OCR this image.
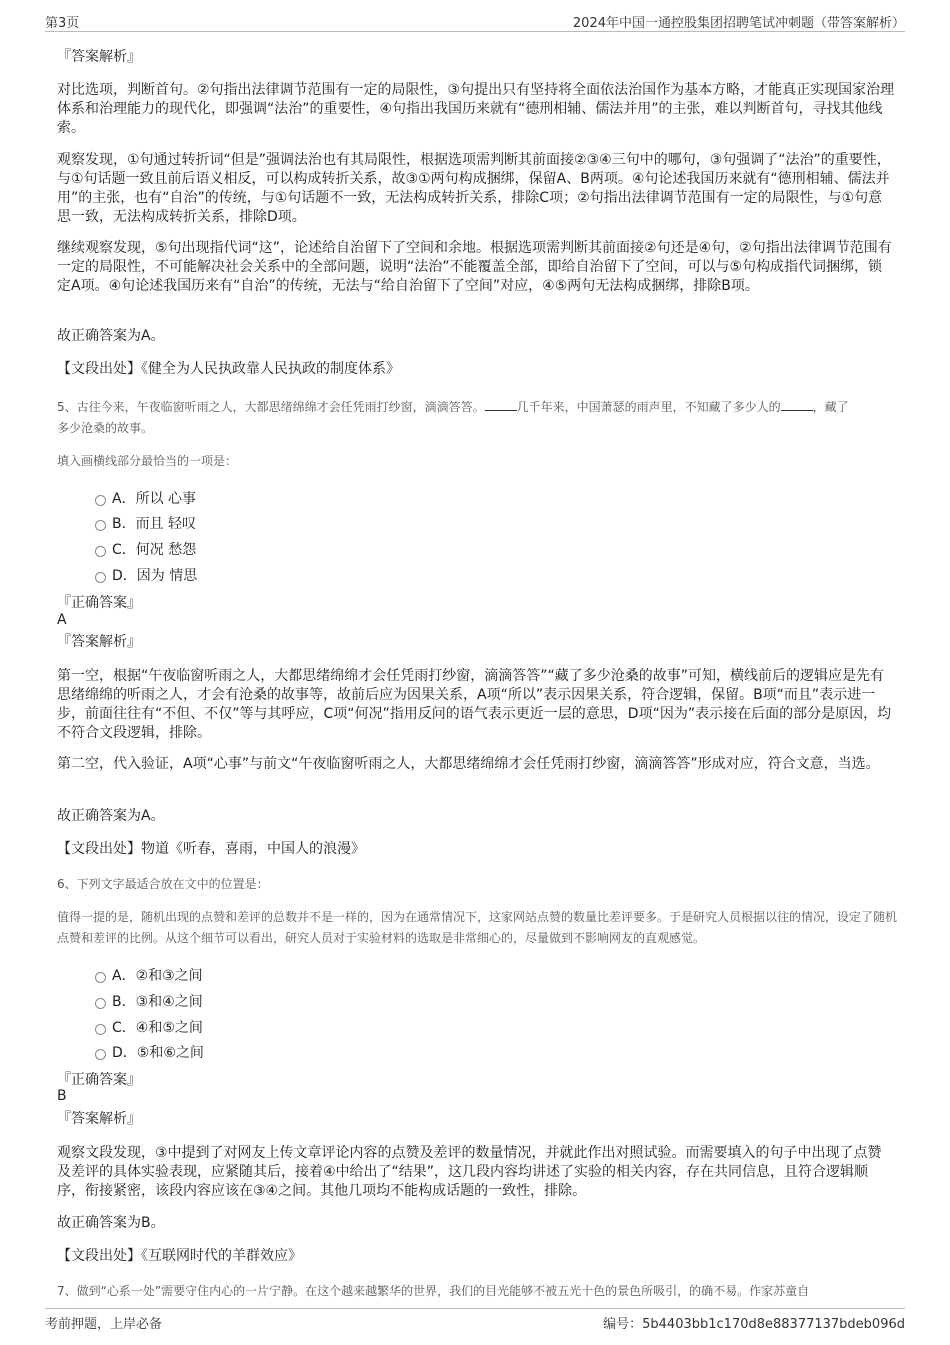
第3页	2024年中国一通控股集团招聘笔试冲刺题（带答案解析）

『答案解析』

对比选项，判断首句。②句指出法律调节范围有一定的局限性，③句提出只有坚持将全面依法治国作为基本方略，才能真正实现国家治理体系和治理能力的现代化，即强调“法治”的重要性，④句指出我国历来就有“德刑相辅、儒法并用”的主张，难以判断首句，寻找其他线索。

观察发现，①句通过转折词“但是”强调法治也有其局限性，根据选项需判断其前面接②③④三句中的哪句，③句强调了“法治”的重要性，与①句话题一致且前后语义相反，可以构成转折关系，故③①两句构成捆绑，保留A、B两项。④句论述我国历来就有“德刑相辅、儒法并用”的主张，也有“自治”的传统，与①句话题不一致，无法构成转折关系，排除C项；②句指出法律调节范围有一定的局限性，与①句意思一致，无法构成转折关系，排除D项。

继续观察发现，⑤句出现指代词“这”，论述给自治留下了空间和余地。根据选项需判断其前面接②句还是④句，②句指出法律调节范围有一定的局限性，不可能解决社会关系中的全部问题，说明“法治”不能覆盖全部，即给自治留下了空间，可以与⑤句构成指代词捆绑，锁定A项。④句论述我国历来有“自治”的传统，无法与“给自治留下了空间”对应，④⑤两句无法构成捆绑，排除B项。

故正确答案为A。

【文段出处】《健全为人民执政靠人民执政的制度体系》

5、古往今来，午夜临窗听雨之人，大都思绪绵绵才会任凭雨打纱窗，滴滴答答。	几千年来，中国萧瑟的雨声里，不知藏了多少人的	，藏了多少沧桑的故事。

填入画横线部分最恰当的一项是：

A．所以 心事
B．而且 轻叹
C．何况 愁怨
D．因为 情思

『正确答案』

A

『答案解析』

第一空，根据“午夜临窗听雨之人，大都思绪绵绵才会任凭雨打纱窗，滴滴答答”“藏了多少沧桑的故事”可知，横线前后的逻辑应是先有思绪绵绵的听雨之人，才会有沧桑的故事等，故前后应为因果关系，A项“所以”表示因果关系，符合逻辑，保留。B项“而且”表示进一步，前面往往有“不但、不仅”等与其呼应，C项“何况”指用反问的语气表示更近一层的意思，D项“因为”表示接在后面的部分是原因，均不符合文段逻辑，排除。

第二空，代入验证，A项“心事”与前文“午夜临窗听雨之人，大都思绪绵绵才会任凭雨打纱窗，滴滴答答”形成对应，符合文意，当选。

故正确答案为A。

【文段出处】物道《听春，喜雨，中国人的浪漫》

6、下列文字最适合放在文中的位置是：

值得一提的是，随机出现的点赞和差评的总数并不是一样的，因为在通常情况下，这家网站点赞的数量比差评要多。于是研究人员根据以往的情况，设定了随机点赞和差评的比例。从这个细节可以看出，研究人员对于实验材料的选取是非常细心的，尽量做到不影响网友的直观感觉。

A．②和③之间
B．③和④之间
C．④和⑤之间
D．⑤和⑥之间

『正确答案』

B

『答案解析』

观察文段发现，③中提到了对网友上传文章评论内容的点赞及差评的数量情况，并就此作出对照试验。而需要填入的句子中出现了点赞及差评的具体实验表现，应紧随其后，接着④中给出了“结果”，这几段内容均讲述了实验的相关内容，存在共同信息，且符合逻辑顺序，衔接紧密，该段内容应该在③④之间。其他几项均不能构成话题的一致性，排除。

故正确答案为B。

【文段出处】《互联网时代的羊群效应》

7、做到“心系一处”需要守住内心的一片宁静。在这个越来越繁华的世界，我们的目光能够不被五光十色的景色所吸引，的确不易。作家苏童自

考前押题，上岸必备	编号：5b4403bb1c170d8e88377137bdeb096d
